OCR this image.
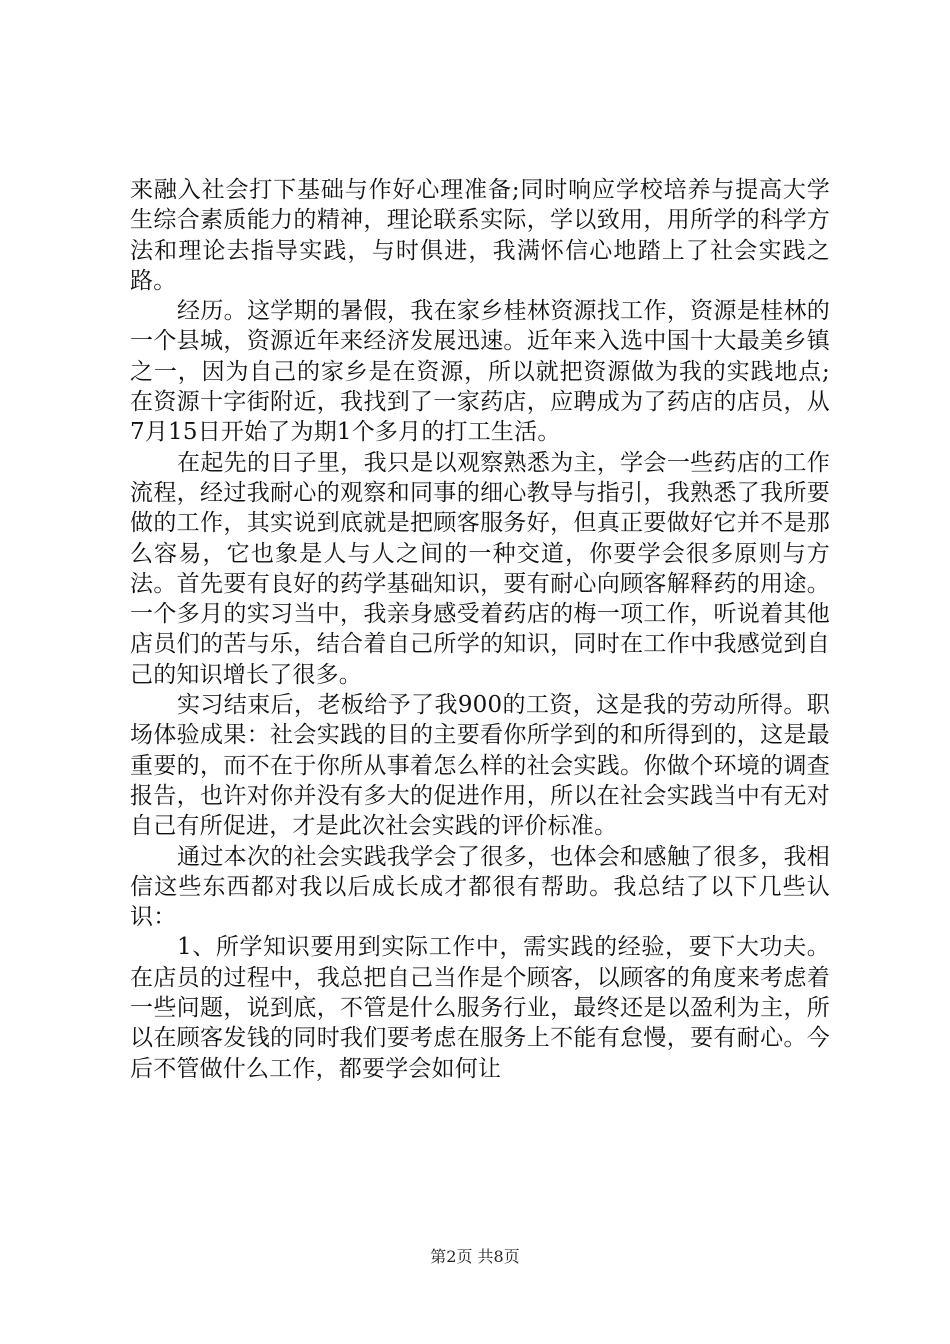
来融入社会打下基础与作好心理准备;同时响应学校培养与提高大学生综合素质能力的精神，理论联系实际，学以致用，用所学的科学方法和理论去指导实践，与时俱进，我满怀信心地踏上了社会实践之路。

经历。这学期的暑假，我在家乡桂林资源找工作，资源是桂林的一个县城，资源近年来经济发展迅速。近年来入选中国十大最美乡镇之一，因为自己的家乡是在资源，所以就把资源做为我的实践地点;在资源十字街附近，我找到了一家药店，应聘成为了药店的店员，从7月15日开始了为期1个多月的打工生活。

在起先的日子里，我只是以观察熟悉为主，学会一些药店的工作流程，经过我耐心的观察和同事的细心教导与指引，我熟悉了我所要做的工作，其实说到底就是把顾客服务好，但真正要做好它并不是那么容易，它也象是人与人之间的一种交道，你要学会很多原则与方法。首先要有良好的药学基础知识，要有耐心向顾客解释药的用途。一个多月的实习当中，我亲身感受着药店的梅一项工作，听说着其他店员们的苦与乐，结合着自己所学的知识，同时在工作中我感觉到自己的知识增长了很多。

实习结束后，老板给予了我900的工资，这是我的劳动所得。职场体验成果：社会实践的目的主要看你所学到的和所得到的，这是最重要的，而不在于你所从事着怎么样的社会实践。你做个环境的调查报告，也许对你并没有多大的促进作用，所以在社会实践当中有无对自己有所促进，才是此次社会实践的评价标准。

通过本次的社会实践我学会了很多，也体会和感触了很多，我相信这些东西都对我以后成长成才都很有帮助。我总结了以下几些认识：

1、所学知识要用到实际工作中，需实践的经验，要下大功夫。在店员的过程中，我总把自己当作是个顾客，以顾客的角度来考虑着一些问题，说到底，不管是什么服务行业，最终还是以盈利为主，所以在顾客发钱的同时我们要考虑在服务上不能有怠慢，要有耐心。今后不管做什么工作，都要学会如何让

第2页 共8页
